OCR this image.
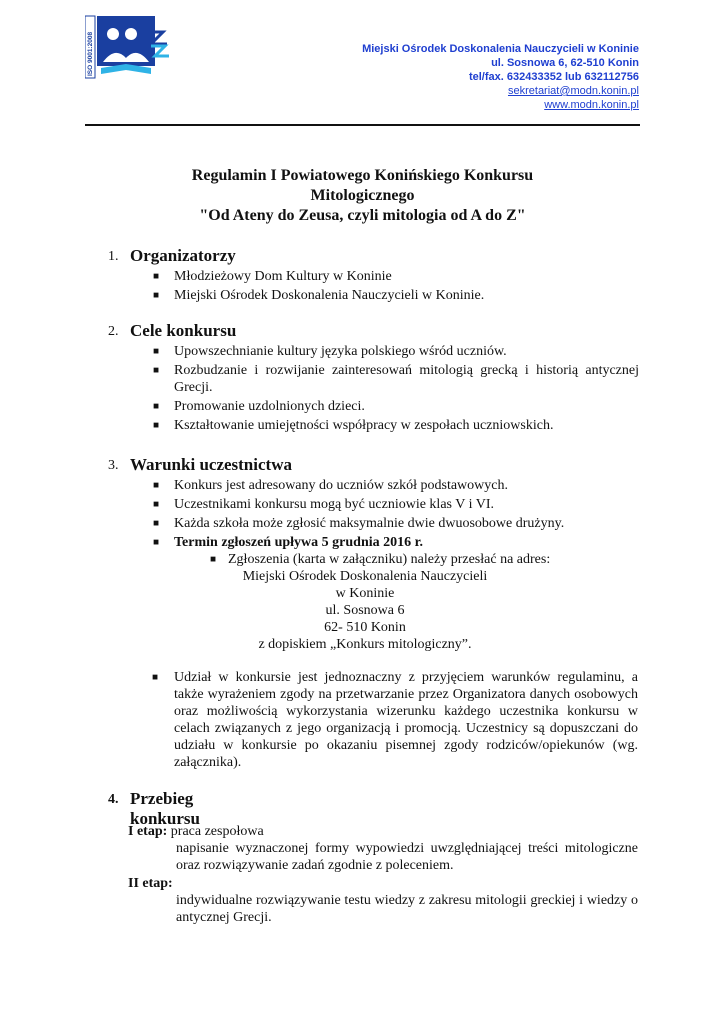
ISO 9001:2008	Miejski Ośrodek Doskonalenia Nauczycieli w Koninie
ul. Sosnowa 6, 62-510 Konin
tel/fax. 632433352 lub 632112756
sekretariat@modn.konin.pl
www.modn.konin.pl
Regulamin I Powiatowego Konińskiego Konkursu
Mitologicznego
"Od Ateny do Zeusa, czyli mitologia od A do Z"
1. Organizatorzy
■ Młodzieżowy Dom Kultury w Koninie
■ Miejski Ośrodek Doskonalenia Nauczycieli w Koninie.
2. Cele konkursu
■ Upowszechnianie kultury języka polskiego wśród uczniów.
■ Rozbudzanie i rozwijanie zainteresowań mitologią grecką i historią antycznej Grecji.
■ Promowanie uzdolnionych dzieci.
■ Kształtowanie umiejętności współpracy w zespołach uczniowskich.
3. Warunki uczestnictwa
■ Konkurs jest adresowany do uczniów szkół podstawowych.
■ Uczestnikami konkursu mogą być uczniowie klas V i VI.
■ Każda szkoła może zgłosić maksymalnie dwie dwuosobowe drużyny.
■ Termin zgłoszeń upływa 5 grudnia 2016 r.
■ Zgłoszenia (karta w załączniku) należy przesłać na adres:
Miejski Ośrodek Doskonalenia Nauczycieli
w Koninie
ul. Sosnowa 6
62- 510 Konin
z dopiskiem „Konkurs mitologiczny”.
■ Udział w konkursie jest jednoznaczny z przyjęciem warunków regulaminu, a także wyrażeniem zgody na przetwarzanie przez Organizatora danych osobowych oraz możliwością wykorzystania wizerunku każdego uczestnika konkursu w celach związanych z jego organizacją i promocją. Uczestnicy są dopuszczani do udziału w konkursie po okazaniu pisemnej zgody rodziców/opiekunów (wg. załącznika).
4. Przebieg konkursu
I etap: praca zespołowa
napisanie wyznaczonej formy wypowiedzi uwzględniającej treści mitologiczne oraz rozwiązywanie zadań zgodnie z poleceniem.
II etap:
indywidualne rozwiązywanie testu wiedzy z zakresu mitologii greckiej i wiedzy o antycznej Grecji.
